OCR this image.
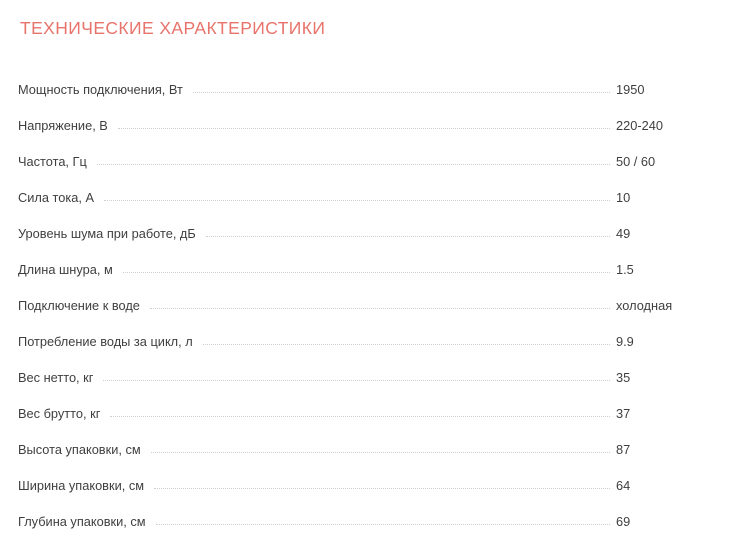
ТЕХНИЧЕСКИЕ ХАРАКТЕРИСТИКИ
Мощность подключения, Вт	1950
Напряжение, В	220-240
Частота, Гц	50 / 60
Сила тока, А	10
Уровень шума при работе, дБ	49
Длина шнура, м	1.5
Подключение к воде	холодная
Потребление воды за цикл, л	9.9
Вес нетто, кг	35
Вес брутто, кг	37
Высота упаковки, см	87
Ширина упаковки, см	64
Глубина упаковки, см	69
